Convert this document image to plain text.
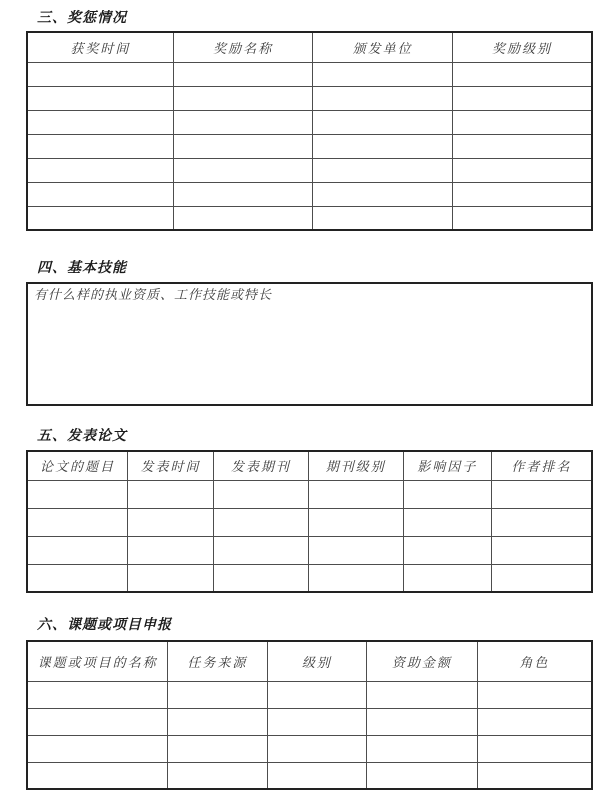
三、奖惩情况
获奖时间	奖励名称	颁发单位	奖励级别

四、基本技能
有什么样的执业资质、工作技能或特长
五、发表论文
论文的题目	发表时间	发表期刊	期刊级别	影响因子	作者排名

六、课题或项目申报
课题或项目的名称	任务来源	级别	资助金额	角色
